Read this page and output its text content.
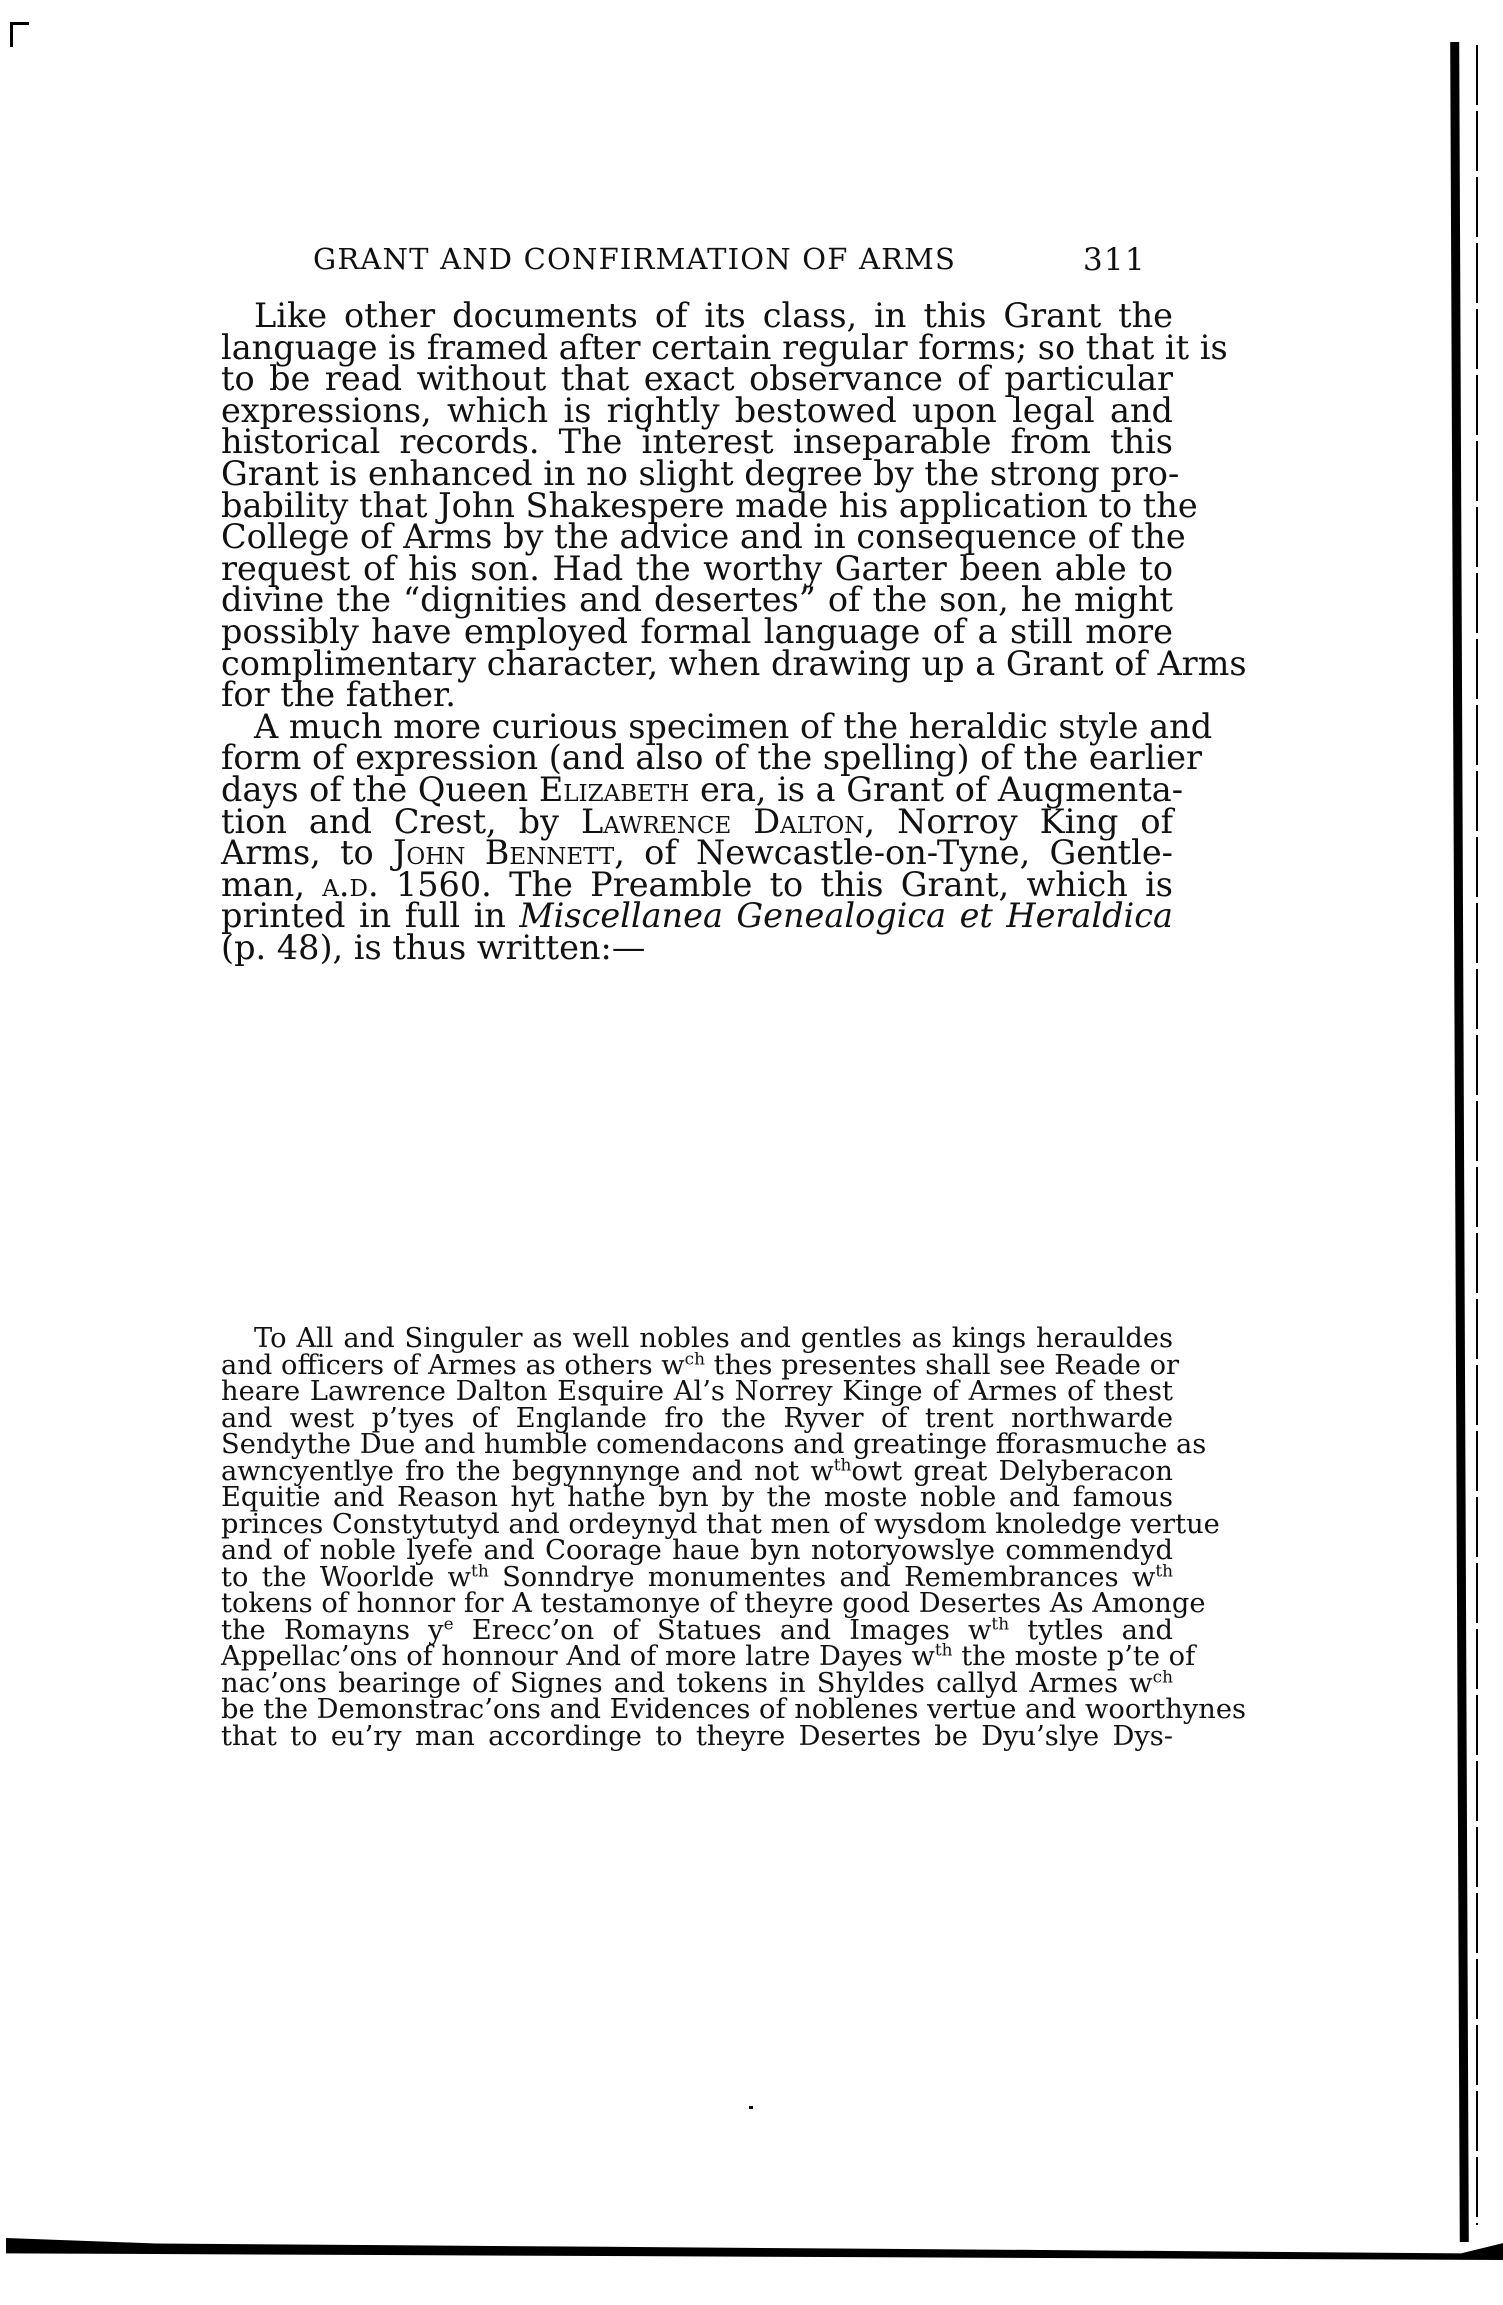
GRANT AND CONFIRMATION OF ARMS	311
Like other documents of its class, in this Grant the
language is framed after certain regular forms; so that it is
to be read without that exact observance of particular
expressions, which is rightly bestowed upon legal and
historical records. The interest inseparable from this
Grant is enhanced in no slight degree by the strong pro-
bability that John Shakespere made his application to the
College of Arms by the advice and in consequence of the
request of his son. Had the worthy Garter been able to
divine the “dignities and desertes” of the son, he might
possibly have employed formal language of a still more
complimentary character, when drawing up a Grant of Arms
for the father.
A much more curious specimen of the heraldic style and
form of expression (and also of the spelling) of the earlier
days of the Queen Elizabeth era, is a Grant of Augmenta-
tion and Crest, by Lawrence Dalton, Norroy King of
Arms, to John Bennett, of Newcastle-on-Tyne, Gentle-
man, a.d. 1560. The Preamble to this Grant, which is
printed in full in Miscellanea Genealogica et Heraldica
(p. 48), is thus written:—
To All and Singuler as well nobles and gentles as kings herauldes
and officers of Armes as others $w^{ch}$ thes presentes shall see Reade or
heare Lawrence Dalton Esquire Al’s Norrey Kinge of Armes of thest
and west p’tyes of Englande fro the Ryver of trent northwarde
Sendythe Due and humble comendacons and greatinge fforasmuche as
awncyentlye fro the begynnynge and not $w^{th}owt$ great Delyberacon
Equitie and Reason hyt hathe byn by the moste noble and famous
princes Constytutyd and ordeynyd that men of wysdom knoledge vertue
and of noble lyefe and Coorage haue byn notoryowslye commendyd
to the Woorlde $w^{th}$ Sonndrye monumentes and Remembrances $w^{th}$
tokens of honnor for A testamonye of theyre good Desertes As Amonge
the Romayns $y^e$ Erecc’on of Statues and Images $w^{th}$ tytles and
Appellac’ons of honnour And of more latre Dayes $w^{th}$ the moste p’te of
nac’ons bearinge of Signes and tokens in Shyldes callyd Armes $w^{ch}$
be the Demonstrac’ons and Evidences of noblenes vertue and woorthynes
that to eu’ry man accordinge to theyre Desertes be Dyu’slye Dys-
